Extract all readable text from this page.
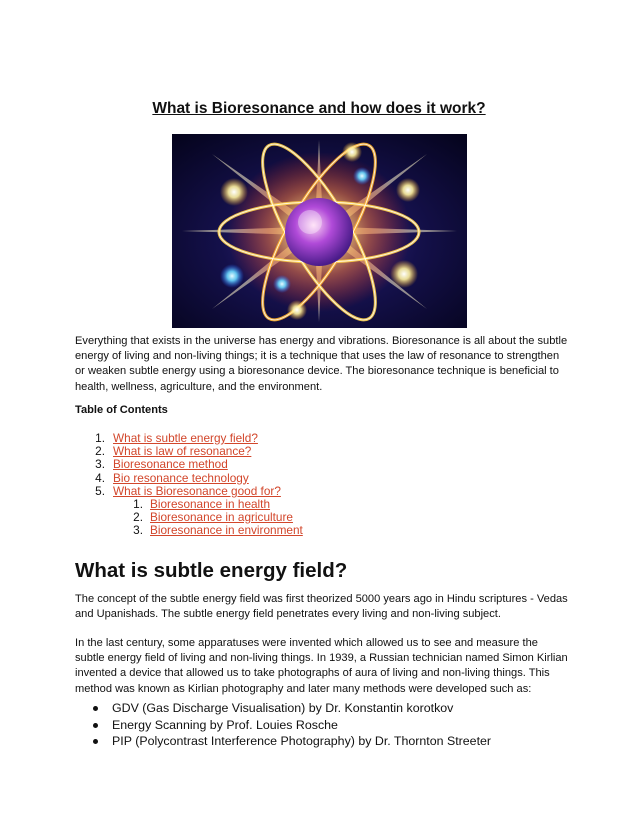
What is Bioresonance and how does it work?

Everything that exists in the universe has energy and vibrations. Bioresonance is all about the subtle energy of living and non-living things; it is a technique that uses the law of resonance to strengthen or weaken subtle energy using a bioresonance device. The bioresonance technique is beneficial to health, wellness, agriculture, and the environment.

Table of Contents

1. What is subtle energy field?
2. What is law of resonance?
3. Bioresonance method
4. Bio resonance technology
5. What is Bioresonance good for?
1. Bioresonance in health
2. Bioresonance in agriculture
3. Bioresonance in environment
What is subtle energy field?

The concept of the subtle energy field was first theorized 5000 years ago in Hindu scriptures - Vedas and Upanishads. The subtle energy field penetrates every living and non-living subject.

In the last century, some apparatuses were invented which allowed us to see and measure the subtle energy field of living and non-living things. In 1939, a Russian technician named Simon Kirlian invented a device that allowed us to take photographs of aura of living and non-living things. This method was known as Kirlian photography and later many methods were developed such as:

GDV (Gas Discharge Visualisation) by Dr. Konstantin korotkov
Energy Scanning by Prof. Louies Rosche
PIP (Polycontrast Interference Photography) by Dr. Thornton Streeter
